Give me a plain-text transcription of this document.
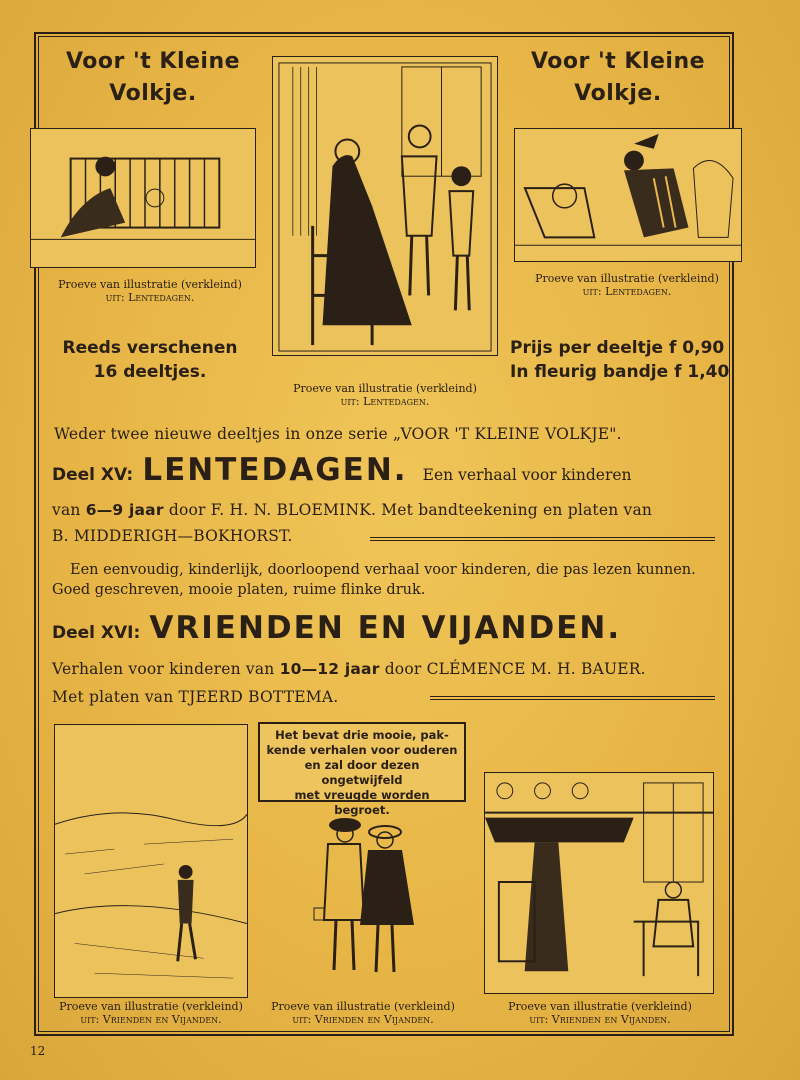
Voor 't Kleine
Volkje.
Voor 't Kleine
Volkje.
Proeve van illustratie (verkleind)
uit: Lentedagen.
Proeve van illustratie (verkleind)
uit: Lentedagen.
Proeve van illustratie (verkleind)
uit: Lentedagen.
Reeds verschenen
16 deeltjes.
Prijs per deeltje f 0,90
In fleurig bandje f 1,40
Weder twee nieuwe deeltjes in onze serie „VOOR 'T KLEINE VOLKJE".
Deel XV: LENTEDAGEN. Een verhaal voor kinderen
van 6—9 jaar door F. H. N. BLOEMINK. Met bandteekening en platen van
B. MIDDERIGH—BOKHORST.
Een eenvoudig, kinderlijk, doorloopend verhaal voor kinderen, die pas lezen kunnen.
Goed geschreven, mooie platen, ruime flinke druk.
Deel XVI: VRIENDEN EN VIJANDEN.
Verhalen voor kinderen van 10—12 jaar door CLÉMENCE M. H. BAUER.
Met platen van TJEERD BOTTEMA.
Het bevat drie mooie, pak-
kende verhalen voor ouderen
en zal door dezen ongetwijfeld
met vreugde worden begroet.
Proeve van illustratie (verkleind)
uit: Vrienden en Vijanden.
Proeve van illustratie (verkleind)
uit: Vrienden en Vijanden.
Proeve van illustratie (verkleind)
uit: Vrienden en Vijanden.
12
